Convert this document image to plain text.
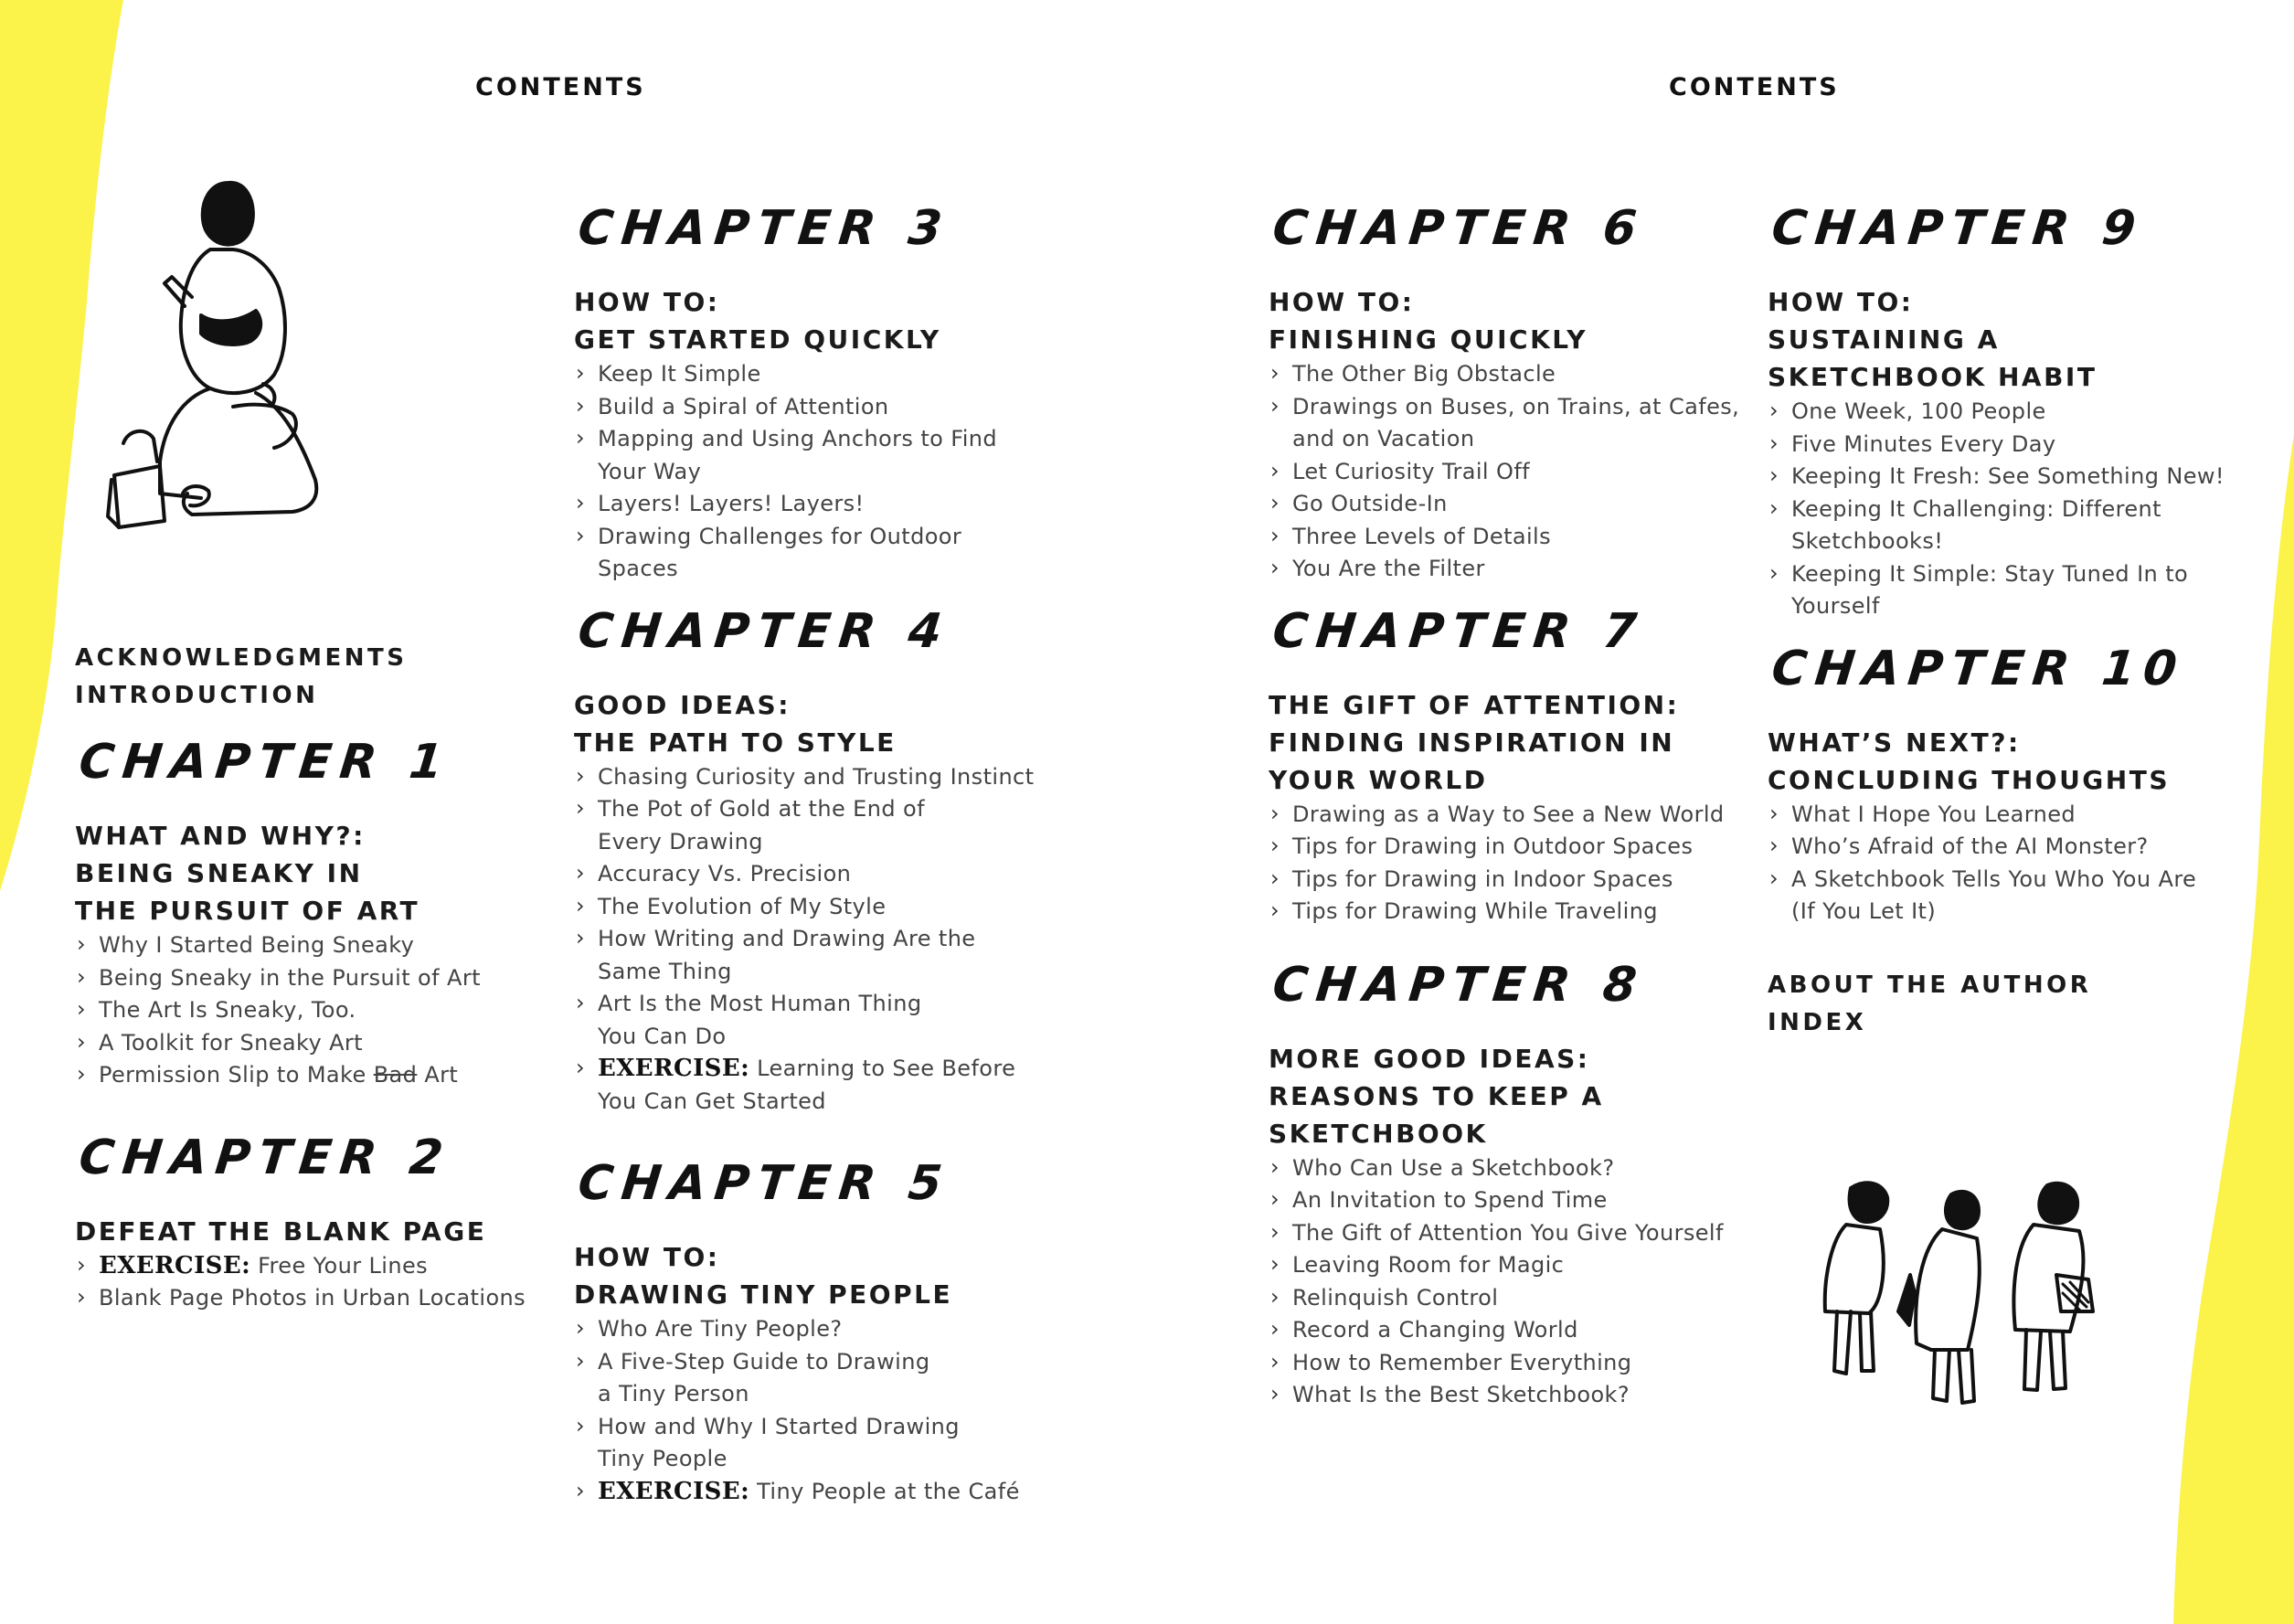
CONTENTS	CONTENTS
ACKNOWLEDGMENTS
INTRODUCTION
CHAPTER 1
WHAT AND WHY?:
BEING SNEAKY IN
THE PURSUIT OF ART
› Why I Started Being Sneaky
› Being Sneaky in the Pursuit of Art
› The Art Is Sneaky, Too.
› A Toolkit for Sneaky Art
› Permission Slip to Make Bad Art
CHAPTER 2
DEFEAT THE BLANK PAGE
› EXERCISE: Free Your Lines
› Blank Page Photos in Urban Locations
CHAPTER 3
HOW TO:
GET STARTED QUICKLY
› Keep It Simple
› Build a Spiral of Attention
› Mapping and Using Anchors to Find
Your Way
› Layers! Layers! Layers!
› Drawing Challenges for Outdoor
Spaces
CHAPTER 4
GOOD IDEAS:
THE PATH TO STYLE
› Chasing Curiosity and Trusting Instinct
› The Pot of Gold at the End of
Every Drawing
› Accuracy Vs. Precision
› The Evolution of My Style
› How Writing and Drawing Are the
Same Thing
› Art Is the Most Human Thing
You Can Do
› EXERCISE: Learning to See Before
You Can Get Started
CHAPTER 5
HOW TO:
DRAWING TINY PEOPLE
› Who Are Tiny People?
› A Five-Step Guide to Drawing
a Tiny Person
› How and Why I Started Drawing
Tiny People
› EXERCISE: Tiny People at the Café
CHAPTER 6
HOW TO:
FINISHING QUICKLY
› The Other Big Obstacle
› Drawings on Buses, on Trains, at Cafes,
and on Vacation
› Let Curiosity Trail Off
› Go Outside-In
› Three Levels of Details
› You Are the Filter
CHAPTER 7
THE GIFT OF ATTENTION:
FINDING INSPIRATION IN
YOUR WORLD
› Drawing as a Way to See a New World
› Tips for Drawing in Outdoor Spaces
› Tips for Drawing in Indoor Spaces
› Tips for Drawing While Traveling
CHAPTER 8
MORE GOOD IDEAS:
REASONS TO KEEP A
SKETCHBOOK
› Who Can Use a Sketchbook?
› An Invitation to Spend Time
› The Gift of Attention You Give Yourself
› Leaving Room for Magic
› Relinquish Control
› Record a Changing World
› How to Remember Everything
› What Is the Best Sketchbook?
CHAPTER 9
HOW TO:
SUSTAINING A
SKETCHBOOK HABIT
› One Week, 100 People
› Five Minutes Every Day
› Keeping It Fresh: See Something New!
› Keeping It Challenging: Different
Sketchbooks!
› Keeping It Simple: Stay Tuned In to
Yourself
CHAPTER 10
WHAT’S NEXT?:
CONCLUDING THOUGHTS
› What I Hope You Learned
› Who’s Afraid of the AI Monster?
› A Sketchbook Tells You Who You Are
(If You Let It)
ABOUT THE AUTHOR
INDEX
